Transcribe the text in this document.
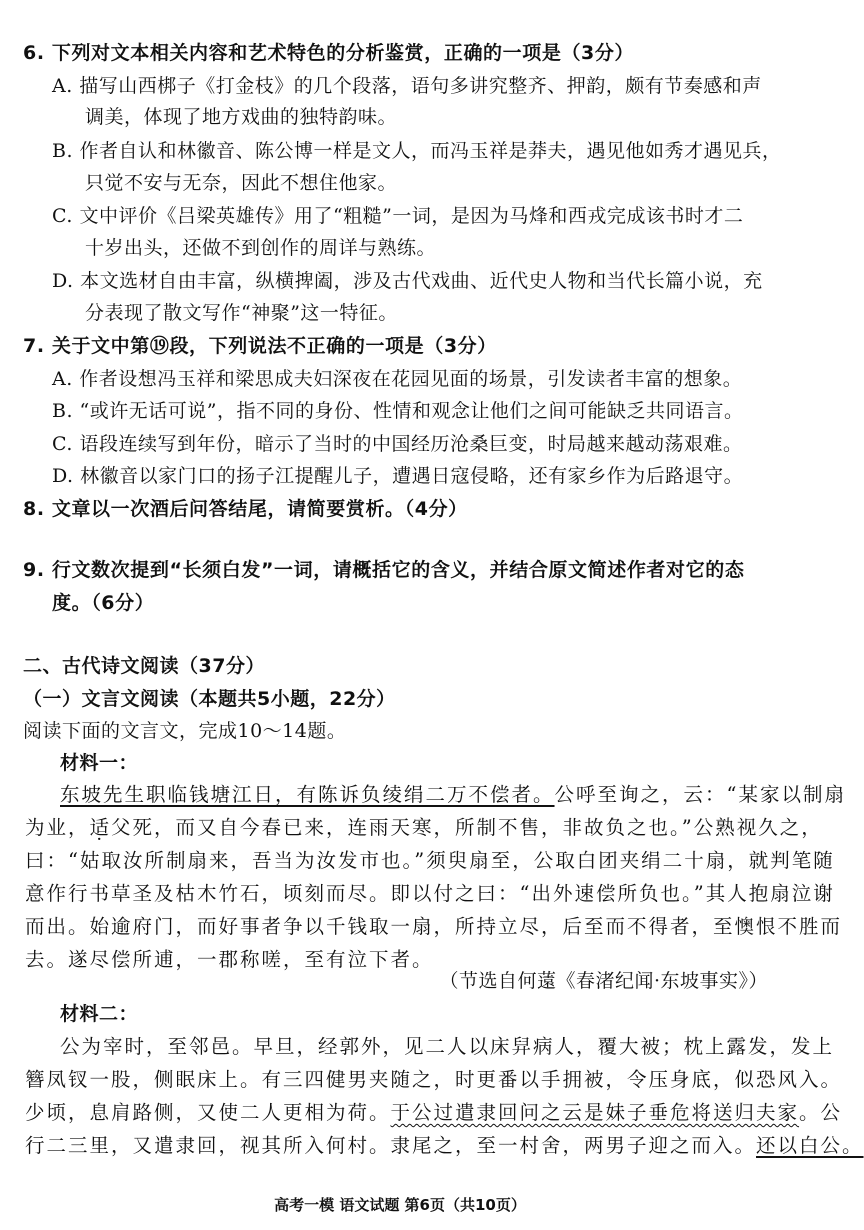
6. 下列对文本相关内容和艺术特色的分析鉴赏，正确的一项是（3分）
A. 描写山西梆子《打金枝》的几个段落，语句多讲究整齐、押韵，颇有节奏感和声
调美，体现了地方戏曲的独特韵味。
B. 作者自认和林徽音、陈公博一样是文人，而冯玉祥是莽夫，遇见他如秀才遇见兵，
只觉不安与无奈，因此不想住他家。
C. 文中评价《吕梁英雄传》用了“粗糙”一词，是因为马烽和西戎完成该书时才二
十岁出头，还做不到创作的周详与熟练。
D. 本文选材自由丰富，纵横捭阖，涉及古代戏曲、近代史人物和当代长篇小说，充
分表现了散文写作“神聚”这一特征。
7. 关于文中第⑲段，下列说法不正确的一项是（3分）
A. 作者设想冯玉祥和梁思成夫妇深夜在花园见面的场景，引发读者丰富的想象。
B. “或许无话可说”，指不同的身份、性情和观念让他们之间可能缺乏共同语言。
C. 语段连续写到年份，暗示了当时的中国经历沧桑巨变，时局越来越动荡艰难。
D. 林徽音以家门口的扬子江提醒儿子，遭遇日寇侵略，还有家乡作为后路退守。
8. 文章以一次酒后问答结尾，请简要赏析。（4分）
9. 行文数次提到“长须白发”一词，请概括它的含义，并结合原文简述作者对它的态
度。（6分）
二、古代诗文阅读（37分）
（一）文言文阅读（本题共5小题，22分）
阅读下面的文言文，完成10～14题。
材料一：
东坡先生职临钱塘江日，有陈诉负绫绢二万不偿者。公呼至询之，云：“某家以制扇
为业，适父死，而又自今春已来，连雨天寒，所制不售，非故负之也。”公熟视久之，
曰：“姑取汝所制扇来，吾当为汝发市也。”须臾扇至，公取白团夹绢二十扇，就判笔随
意作行书草圣及枯木竹石，顷刻而尽。即以付之曰：“出外速偿所负也。”其人抱扇泣谢
而出。始逾府门，而好事者争以千钱取一扇，所持立尽，后至而不得者，至懊恨不胜而
去。遂尽偿所逋，一郡称嗟，至有泣下者。
（节选自何薳《春渚纪闻·东坡事实》）
材料二：
公为宰时，至邻邑。早旦，经郭外，见二人以床舁病人，覆大被；枕上露发，发上
簪凤钗一股，侧眠床上。有三四健男夹随之，时更番以手拥被，令压身底，似恐风入。
少顷，息肩路侧，又使二人更相为荷。于公过遣隶回问之云是妹子垂危将送归夫家。公
行二三里，又遣隶回，视其所入何村。隶尾之，至一村舍，两男子迎之而入。还以白公。
高考一模 语文试题 第6页（共10页）
